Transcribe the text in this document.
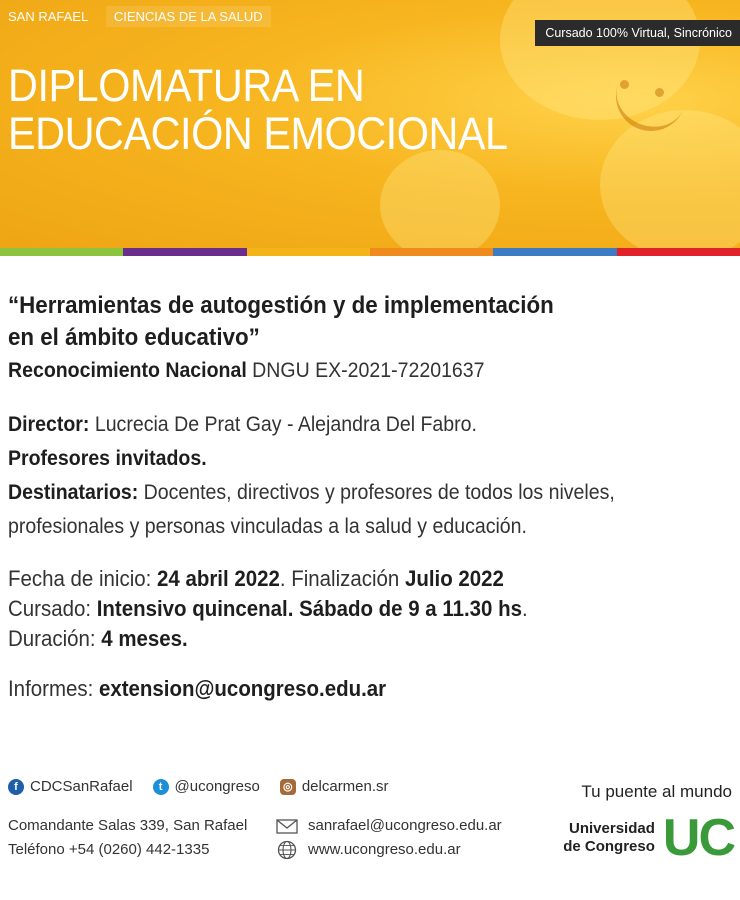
SAN RAFAEL CIENCIAS DE LA SALUD
Cursado 100% Virtual, Sincrónico
DIPLOMATURA EN
EDUCACIÓN EMOCIONAL

“Herramientas de autogestión y de implementación
en el ámbito educativo”

Reconocimiento Nacional DNGU EX-2021-72201637

Director: Lucrecia De Prat Gay - Alejandra Del Fabro.

Profesores invitados.

Destinatarios: Docentes, directivos y profesores de todos los niveles, profesionales y personas vinculadas a la salud y educación.

Fecha de inicio: 24 abril 2022. Finalización Julio 2022

Cursado: Intensivo quincenal. Sábado de 9 a 11.30 hs.

Duración: 4 meses.

Informes: extension@ucongreso.edu.ar

f CDCSanRafael	t @ucongreso ◎ delcarmen.sr
Comandante Salas 339, San Rafael
Teléfono +54 (0260) 442-1335
sanrafael@ucongreso.edu.ar
www.ucongreso.edu.ar
Tu puente al mundo
Universidad
de Congreso UC
